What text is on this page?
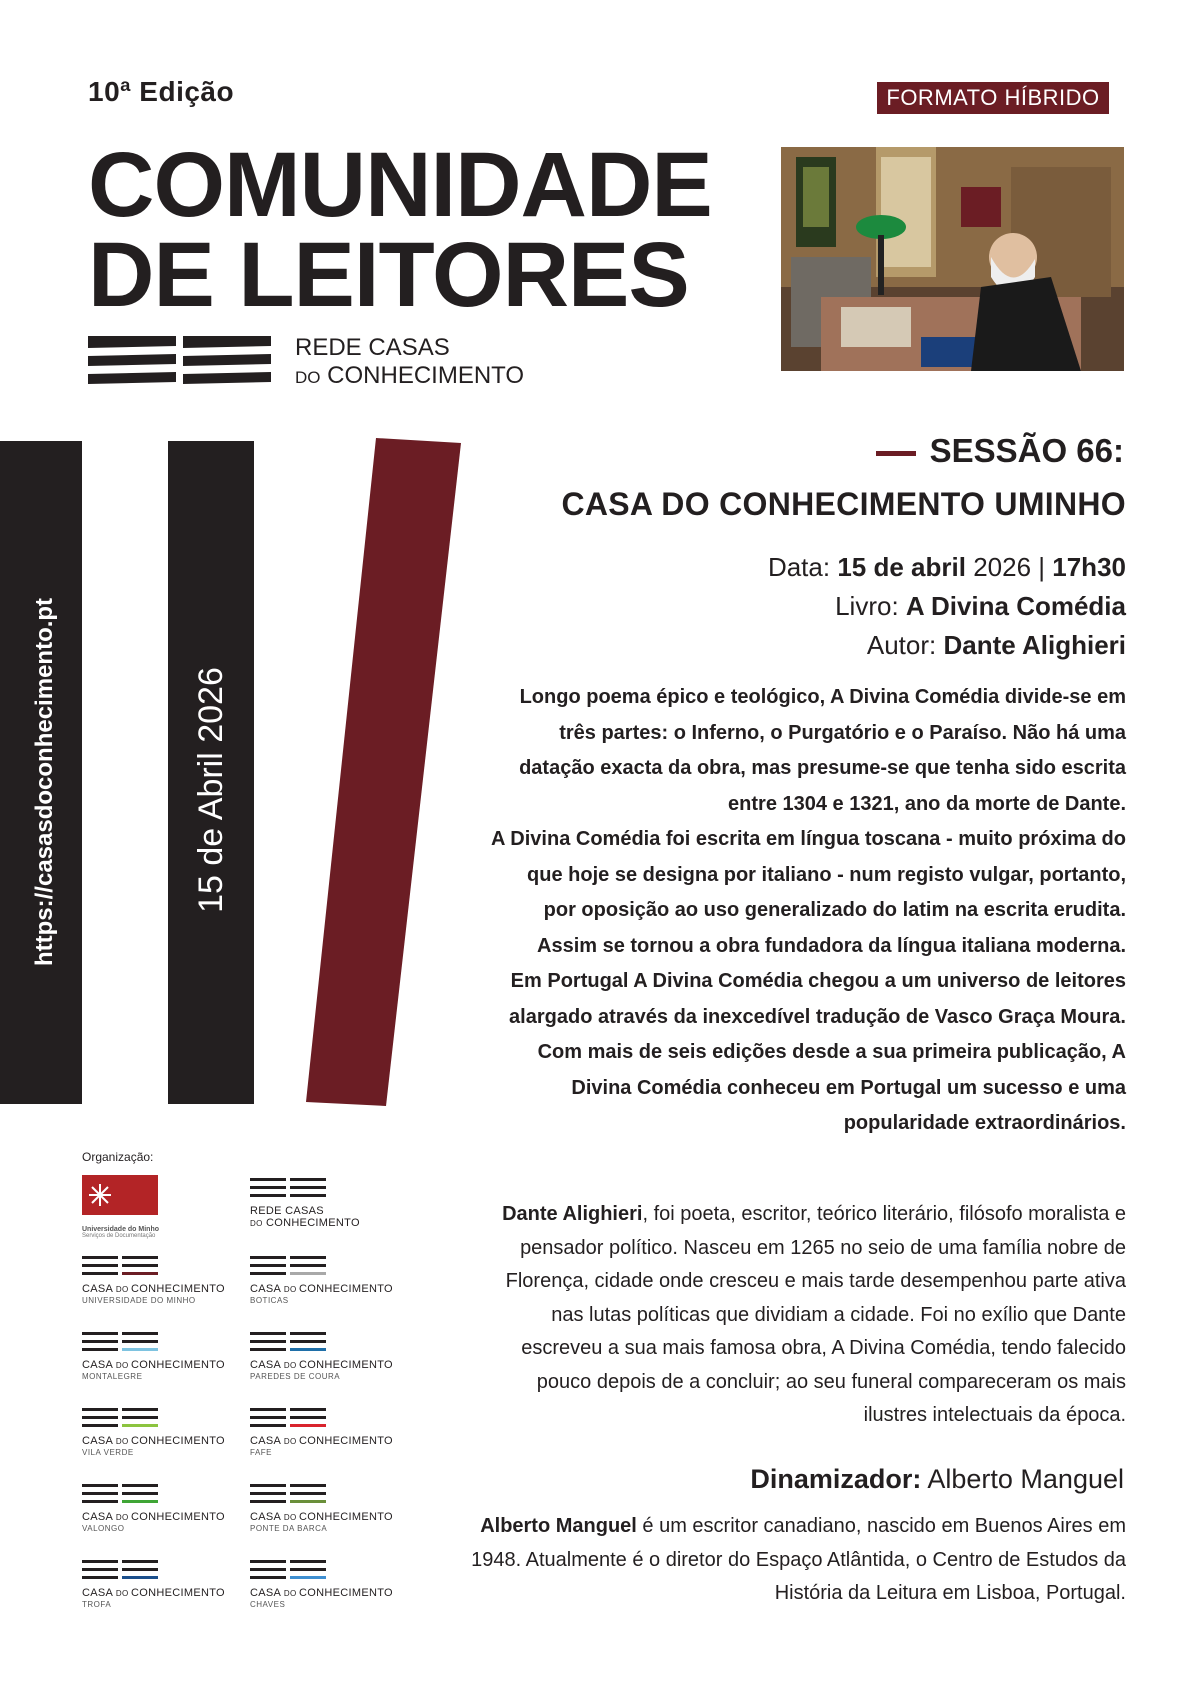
10ª Edição	FORMATO HÍBRIDO
COMUNIDADE
DE LEITORES
REDE CASAS
DO CONHECIMENTO
https://casasdoconhecimento.pt	15 de Abril 2026
SESSÃO 66:
CASA DO CONHECIMENTO UMINHO
Data: 15 de abril 2026 | 17h30
Livro: A Divina Comédia
Autor: Dante Alighieri
Longo poema épico e teológico, A Divina Comédia divide-se em três partes: o Inferno, o Purgatório e o Paraíso. Não há uma datação exacta da obra, mas presume-se que tenha sido escrita entre 1304 e 1321, ano da morte de Dante.
A Divina Comédia foi escrita em língua toscana - muito próxima do que hoje se designa por italiano - num registo vulgar, portanto, por oposição ao uso generalizado do latim na escrita erudita. Assim se tornou a obra fundadora da língua italiana moderna.
Em Portugal A Divina Comédia chegou a um universo de leitores alargado através da inexcedível tradução de Vasco Graça Moura. Com mais de seis edições desde a sua primeira publicação, A Divina Comédia conheceu em Portugal um sucesso e uma popularidade extraordinários.
Dante Alighieri, foi poeta, escritor, teórico literário, filósofo moralista e pensador político. Nasceu em 1265 no seio de uma família nobre de Florença, cidade onde cresceu e mais tarde desempenhou parte ativa nas lutas políticas que dividiam a cidade. Foi no exílio que Dante escreveu a sua mais famosa obra, A Divina Comédia, tendo falecido pouco depois de a concluir; ao seu funeral compareceram os mais ilustres intelectuais da época.
Dinamizador: Alberto Manguel
Alberto Manguel é um escritor canadiano, nascido em Buenos Aires em 1948. Atualmente é o diretor do Espaço Atlântida, o Centro de Estudos da História da Leitura em Lisboa, Portugal.
Organização:
Universidade do Minho
Serviços de Documentação
REDE CASAS
DO CONHECIMENTO
CASA DO CONHECIMENTO
UNIVERSIDADE DO MINHO
CASA DO CONHECIMENTO
BOTICAS
CASA DO CONHECIMENTO
MONTALEGRE
CASA DO CONHECIMENTO
PAREDES DE COURA
CASA DO CONHECIMENTO
VILA VERDE
CASA DO CONHECIMENTO
FAFE
CASA DO CONHECIMENTO
VALONGO
CASA DO CONHECIMENTO
PONTE DA BARCA
CASA DO CONHECIMENTO
TROFA
CASA DO CONHECIMENTO
CHAVES
